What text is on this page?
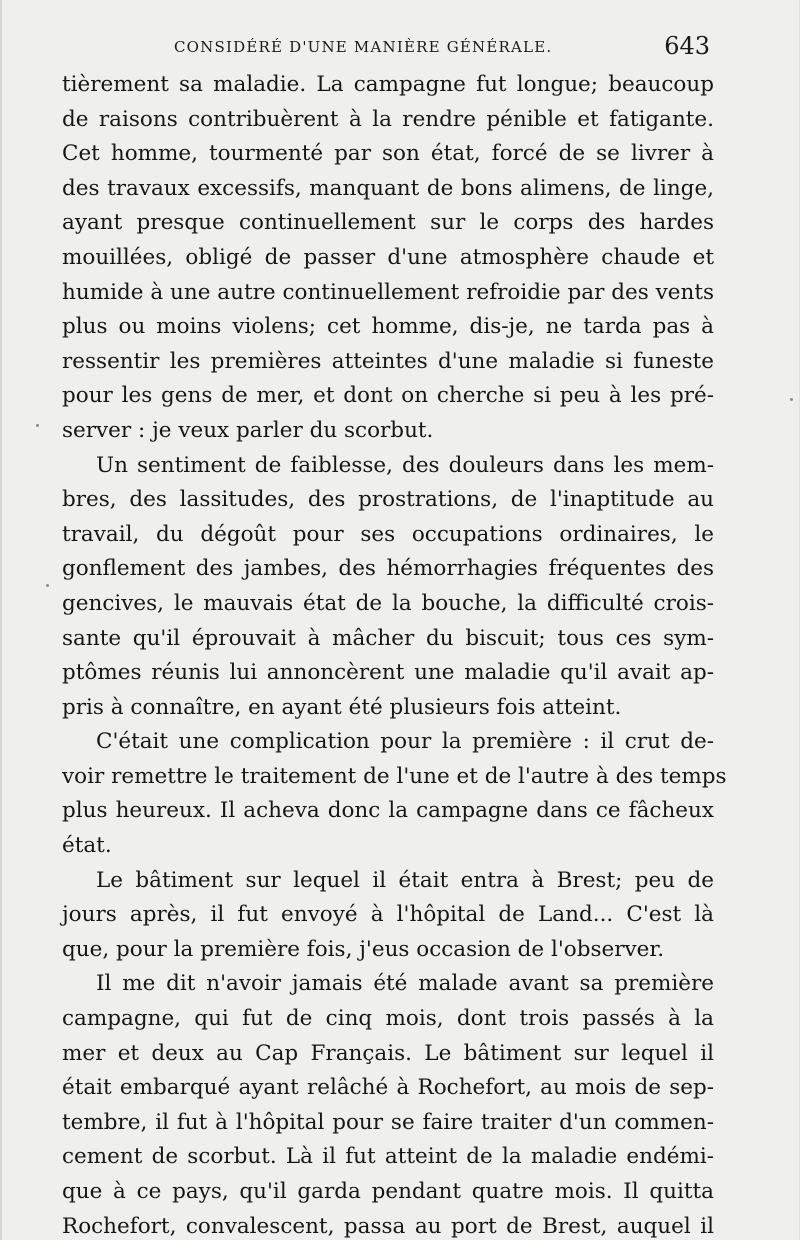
CONSIDÉRÉ D'UNE MANIÈRE GÉNÉRALE.	643
tièrement sa maladie. La campagne fut longue; beaucoup
de raisons contribuèrent à la rendre pénible et fatigante.
Cet homme, tourmenté par son état, forcé de se livrer à
des travaux excessifs, manquant de bons alimens, de linge,
ayant presque continuellement sur le corps des hardes
mouillées, obligé de passer d'une atmosphère chaude et
humide à une autre continuellement refroidie par des vents
plus ou moins violens; cet homme, dis-je, ne tarda pas à
ressentir les premières atteintes d'une maladie si funeste
pour les gens de mer, et dont on cherche si peu à les pré-
server : je veux parler du scorbut.
Un sentiment de faiblesse, des douleurs dans les mem-
bres, des lassitudes, des prostrations, de l'inaptitude au
travail, du dégoût pour ses occupations ordinaires, le
gonflement des jambes, des hémorrhagies fréquentes des
gencives, le mauvais état de la bouche, la difficulté crois-
sante qu'il éprouvait à mâcher du biscuit; tous ces sym-
ptômes réunis lui annoncèrent une maladie qu'il avait ap-
pris à connaître, en ayant été plusieurs fois atteint.
C'était une complication pour la première : il crut de-
voir remettre le traitement de l'une et de l'autre à des temps
plus heureux. Il acheva donc la campagne dans ce fâcheux
état.
Le bâtiment sur lequel il était entra à Brest; peu de
jours après, il fut envoyé à l'hôpital de Land... C'est là
que, pour la première fois, j'eus occasion de l'observer.
Il me dit n'avoir jamais été malade avant sa première
campagne, qui fut de cinq mois, dont trois passés à la
mer et deux au Cap Français. Le bâtiment sur lequel il
était embarqué ayant relâché à Rochefort, au mois de sep-
tembre, il fut à l'hôpital pour se faire traiter d'un commen-
cement de scorbut. Là il fut atteint de la maladie endémi-
que à ce pays, qu'il garda pendant quatre mois. Il quitta
Rochefort, convalescent, passa au port de Brest, auquel il
